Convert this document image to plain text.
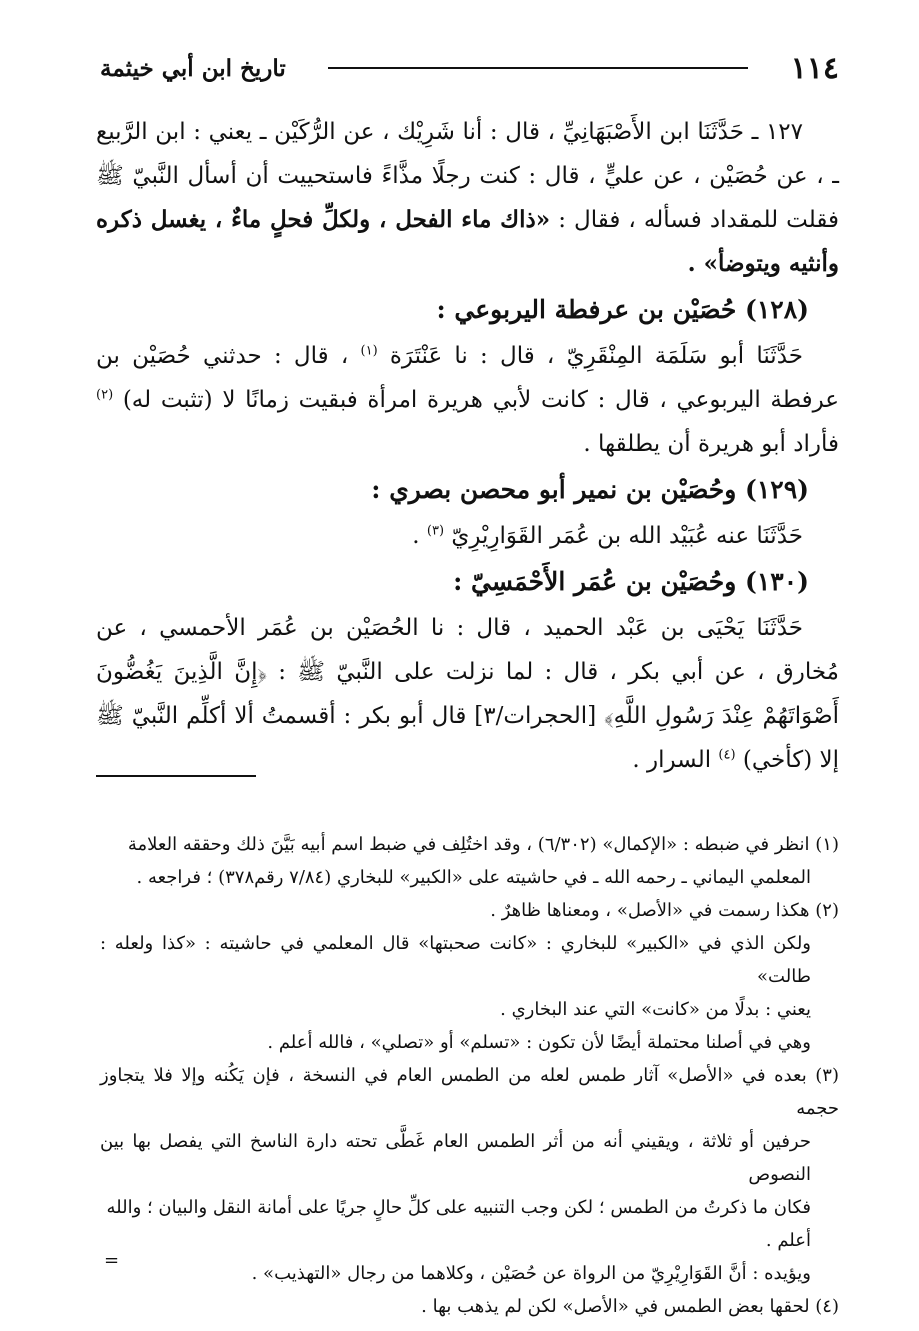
١١٤
تاريخ ابن أبي خيثمة

١٢٧ ـ حَدَّثَنَا ابن الأَصْبَهَانِيِّ ، قال : أنا شَرِيْك ، عن الرُّكَيْن ـ يعني : ابن الرَّبيع ـ ، عن حُصَيْن ، عن عليٍّ ، قال : كنت رجلًا مذَّاءً فاستحييت أن أسأل النَّبيّ ﷺ فقلت للمقداد فسأله ، فقال : «ذاك ماء الفحل ، ولكلِّ فحلٍ ماءٌ ، يغسل ذكره وأنثيه ويتوضأ» .

(١٢٨) حُصَيْن بن عرفطة اليربوعي :

حَدَّثَنَا أبو سَلَمَة المِنْقَرِيّ ، قال : نا عَنْتَرَة $^{(١)}$ ، قال : حدثني حُصَيْن بن عرفطة اليربوعي ، قال : كانت لأبي هريرة امرأة فبقيت زمانًا لا (تثبت له) $^{(٢)}$ فأراد أبو هريرة أن يطلقها .

(١٢٩) وحُصَيْن بن نمير أبو محصن بصري :

حَدَّثَنَا عنه عُبَيْد الله بن عُمَر القَوَارِيْرِيّ $^{(٣)}$ .

(١٣٠) وحُصَيْن بن عُمَر الأَحْمَسِيّ :

حَدَّثَنَا يَحْيَى بن عَبْد الحميد ، قال : نا الحُصَيْن بن عُمَر الأحمسي ، عن مُخارق ، عن أبي بكر ، قال : لما نزلت على النَّبيّ ﷺ : ﴿إِنَّ الَّذِينَ يَغُضُّونَ أَصْوَاتَهُمْ عِنْدَ رَسُولِ اللَّهِ﴾ [الحجرات/٣] قال أبو بكر : أقسمتُ ألا أكلِّم النَّبيّ ﷺ إلا (كأخي) $^{(٤)}$ السرار .

(١) انظر في ضبطه : «الإكمال» (٦/٣٠٢) ، وقد اختُلِف في ضبط اسم أبيه بَيَّنَ ذلك وحققه العلامة

المعلمي اليماني ـ رحمه الله ـ في حاشيته على «الكبير» للبخاري (٧/٨٤ رقم٣٧٨) ؛ فراجعه .

(٢) هكذا رسمت في «الأصل» ، ومعناها ظاهرٌ .

ولكن الذي في «الكبير» للبخاري : «كانت صحبتها» قال المعلمي في حاشيته : «كذا ولعله : طالت»

يعني : بدلًا من «كانت» التي عند البخاري .

وهي في أصلنا محتملة أيضًا لأن تكون : «تسلم» أو «تصلي» ، فالله أعلم .

(٣) بعده في «الأصل» آثار طمس لعله من الطمس العام في النسخة ، فإن يَكُنه وإلا فلا يتجاوز حجمه

حرفين أو ثلاثة ، ويقيني أنه من أثر الطمس العام غَطَّى تحته دارة الناسخ التي يفصل بها بين النصوص

فكان ما ذكرتُ من الطمس ؛ لكن وجب التنبيه على كلِّ حالٍ جريًا على أمانة النقل والبيان ؛ والله

أعلم .

ويؤيده : أنَّ القَوَارِيْرِيّ من الرواة عن حُصَيْن ، وكلاهما من رجال «التهذيب» .

(٤) لحقها بعض الطمس في «الأصل» لكن لم يذهب بها .

=
